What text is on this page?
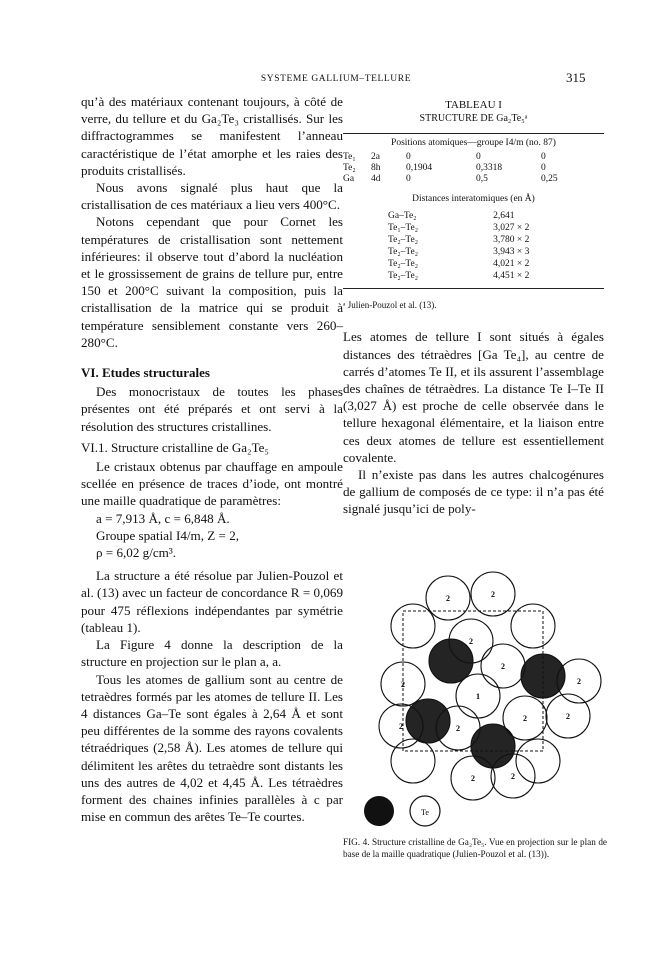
SYSTEME GALLIUM–TELLURE	315

qu’à des matériaux contenant toujours, à côté de verre, du tellure et du Ga₂Te₃ cristallisés. Sur les diffractogrammes se manifestent l’anneau caractéristique de l’état amorphe et les raies des produits cristallisés.

Nous avons signalé plus haut que la cristallisation de ces matériaux a lieu vers 400°C.

Notons cependant que pour Cornet les températures de cristallisation sont nettement inférieures: il observe tout d’abord la nucléation et le grossissement de grains de tellure pur, entre 150 et 200°C suivant la composition, puis la cristallisation de la matrice qui se produit à température sensiblement constante vers 260–280°C.

VI. Etudes structurales

Des monocristaux de toutes les phases présentes ont été préparés et ont servi à la résolution des structures cristallines.

VI.1. Structure cristalline de Ga₂Te₅

Le cristaux obtenus par chauffage en ampoule scellée en présence de traces d’iode, ont montré une maille quadratique de paramètres:

a = 7,913 Å, c = 6,848 Å.

Groupe spatial I4/m, Z = 2,

ρ = 6,02 g/cm³.

La structure a été résolue par Julien-Pouzol et al. (13) avec un facteur de concordance R = 0,069 pour 475 réflexions indépendantes par symétrie (tableau 1).

La Figure 4 donne la description de la structure en projection sur le plan a, a.

Tous les atomes de gallium sont au centre de tetraèdres formés par les atomes de tellure II. Les 4 distances Ga–Te sont égales à 2,64 Å et sont peu différentes de la somme des rayons covalents tétraédriques (2,58 Å). Les atomes de tellure qui délimitent les arêtes du tetraèdre sont distants les uns des autres de 4,02 et 4,45 Å. Les tétraèdres forment des chaines infinies parallèles à c par mise en commun des arêtes Te–Te courtes.

TABLEAU I
STRUCTURE DE Ga₂Te₅ᵃ
Positions atomiques—groupe I4/m (no. 87)
Te₁	2a	0	0	0
Te₂	8h	0,1904	0,3318	0
Ga	4d	0	0,5	0,25
Distances interatomiques (en Å)
Ga–Te₂	2,641
Te₁–Te₂	3,027 × 2
Te₂–Te₂	3,780 × 2
Te₂–Te₂	3,943 × 3
Te₂–Te₂	4,021 × 2
Te₂–Te₂	4,451 × 2
ᵃ Julien-Pouzol et al. (13).

Les atomes de tellure I sont situés à égales distances des tétraèdres [Ga Te₄], au centre de carrés d’atomes Te II, et ils assurent l’assemblage des chaînes de tétraèdres. La distance Te I–Te II (3,027 Å) est proche de celle observée dans le tellure hexagonal élémentaire, et la liaison entre ces deux atomes de tellure est essentiellement covalente.

Il n’existe pas dans les autres chalcogénures de gallium de composés de ce type: il n’a pas été signalé jusqu’ici de poly-

2	2
2
2
2	2
1
2
2	2
2
2	2
Te
FIG. 4. Structure cristalline de Ga₂Te₅. Vue en projection sur le plan de base de la maille quadratique (Julien-Pouzol et al. (13)).
